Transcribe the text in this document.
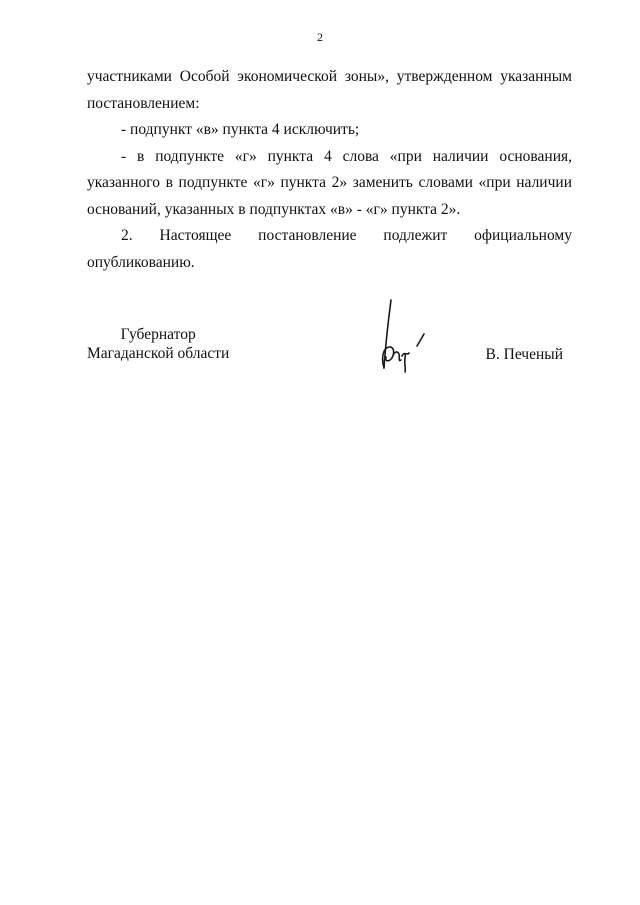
2

участниками Особой экономической зоны», утвержденном указанным постановлением:

- подпункт «в» пункта 4 исключить;

- в подпункте «г» пункта 4 слова «при наличии основания, указанного в подпункте «г» пункта 2» заменить словами «при наличии оснований, указанных в подпунктах «в» - «г» пункта 2».

2. Настоящее постановление подлежит официальному опубликованию.

Губернатор
Магаданской области	В. Печеный
